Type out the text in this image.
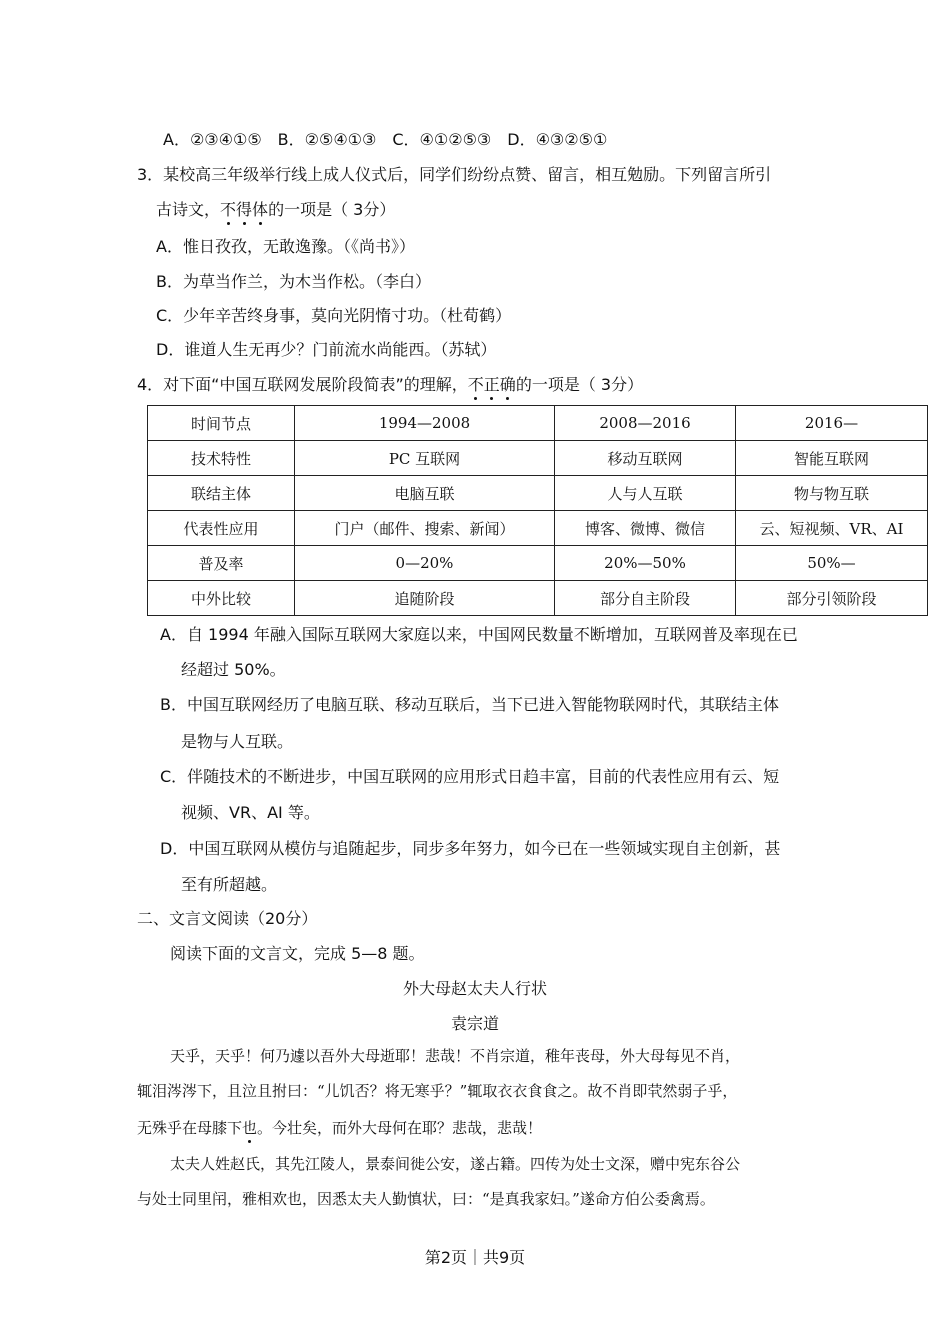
A．②③④①⑤　B．②⑤④①③　C．④①②⑤③　D．④③②⑤①
3．某校高三年级举行线上成人仪式后，同学们纷纷点赞、留言，相互勉励。下列留言所引
古诗文，不得体的一项是（ 3分）
A．惟日孜孜，无敢逸豫。（《尚书》）
B．为草当作兰，为木当作松。（李白）
C．少年辛苦终身事，莫向光阴惰寸功。（杜荀鹤）
D．谁道人生无再少？门前流水尚能西。（苏轼）
4．对下面“中国互联网发展阶段简表”的理解，不正确的一项是（ 3分）
时间节点	1994—2008	2008—2016	2016—
技术特性	PC 互联网	移动互联网	智能互联网
联结主体	电脑互联	人与人互联	物与物互联
代表性应用	门户（邮件、搜索、新闻）	博客、微博、微信	云、短视频、VR、AI
普及率	0—20%	20%—50%	50%—
中外比较	追随阶段	部分自主阶段	部分引领阶段
A．自 1994 年融入国际互联网大家庭以来，中国网民数量不断增加，互联网普及率现在已
经超过 50%。
B．中国互联网经历了电脑互联、移动互联后，当下已进入智能物联网时代，其联结主体
是物与人互联。
C．伴随技术的不断进步，中国互联网的应用形式日趋丰富，目前的代表性应用有云、短
视频、VR、AI 等。
D．中国互联网从模仿与追随起步，同步多年努力，如今已在一些领域实现自主创新，甚
至有所超越。
二、文言文阅读（20分）
阅读下面的文言文，完成 5—8 题。
外大母赵太夫人行状
袁宗道
天乎，天乎！何乃遽以吾外大母逝耶！悲哉！不肖宗道，稚年丧母，外大母每见不肖，
辄泪涔涔下，且泣且拊曰：“儿饥否？将无寒乎？”辄取衣衣食食之。故不肖即茕然弱子乎，
无殊乎在母膝下也。今壮矣，而外大母何在耶？悲哉，悲哉！
太夫人姓赵氏，其先江陵人，景泰间徙公安，遂占籍。四传为处士文深，赠中宪东谷公
与处士同里闬，雅相欢也，因悉太夫人勤慎状，曰：“是真我家妇。”遂命方伯公委禽焉。
第2页｜共9页
